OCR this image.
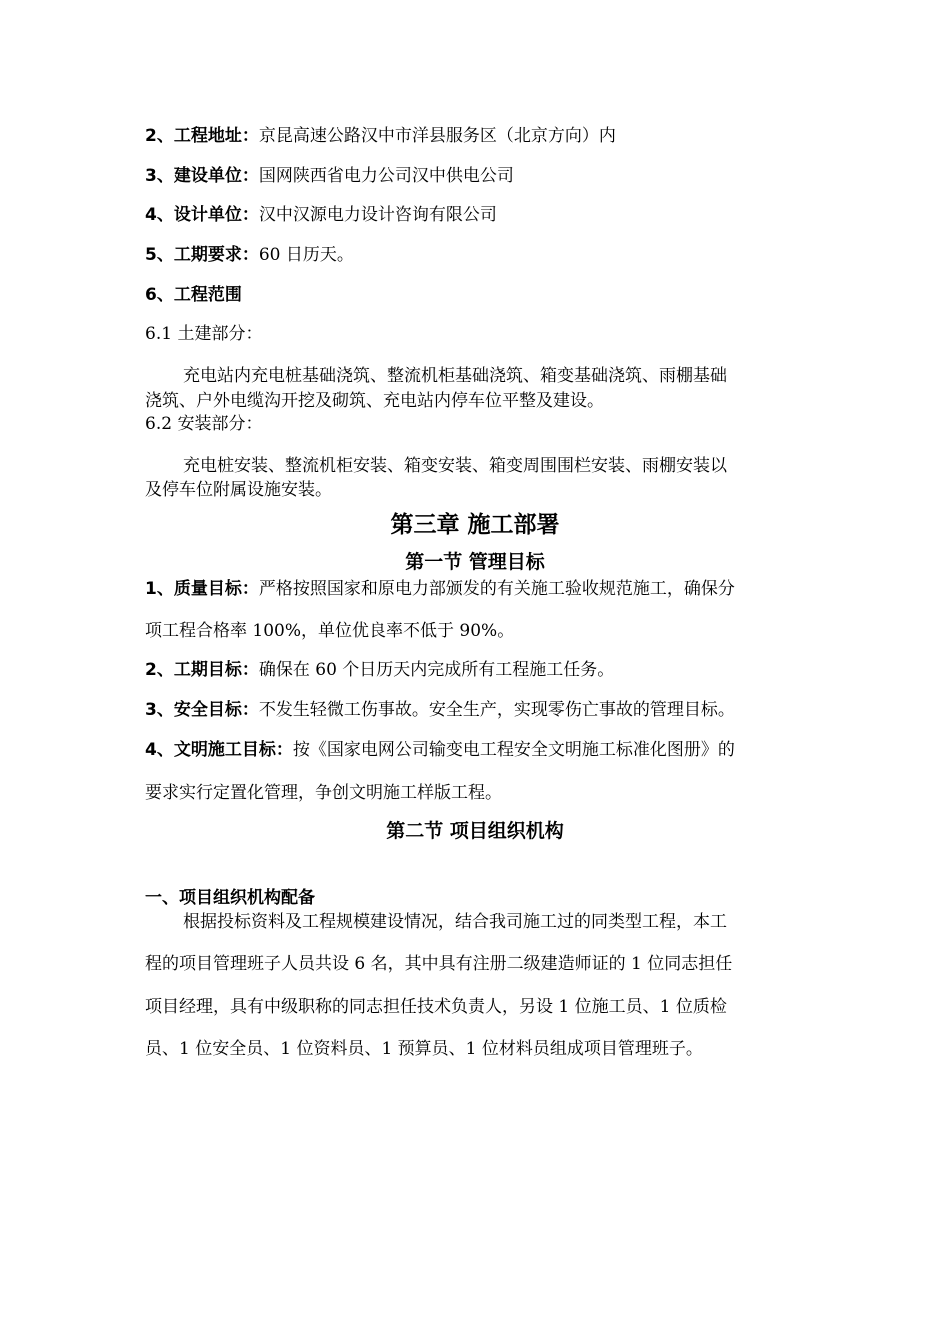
2、工程地址：京昆高速公路汉中市洋县服务区（北京方向）内
3、建设单位：国网陕西省电力公司汉中供电公司
4、设计单位：汉中汉源电力设计咨询有限公司
5、工期要求：60 日历天。
6、工程范围
6.1 土建部分：
充电站内充电桩基础浇筑、整流机柜基础浇筑、箱变基础浇筑、雨棚基础
浇筑、户外电缆沟开挖及砌筑、充电站内停车位平整及建设。
6.2 安装部分：
充电桩安装、整流机柜安装、箱变安装、箱变周围围栏安装、雨棚安装以
及停车位附属设施安装。
第三章 施工部署
第一节 管理目标
1、质量目标：严格按照国家和原电力部颁发的有关施工验收规范施工，确保分
项工程合格率 100%，单位优良率不低于 90%。
2、工期目标：确保在 60 个日历天内完成所有工程施工任务。
3、安全目标：不发生轻微工伤事故。安全生产，实现零伤亡事故的管理目标。
4、文明施工目标：按《国家电网公司输变电工程安全文明施工标准化图册》的
要求实行定置化管理，争创文明施工样版工程。
第二节 项目组织机构
一、项目组织机构配备
根据投标资料及工程规模建设情况，结合我司施工过的同类型工程，本工
程的项目管理班子人员共设 6 名，其中具有注册二级建造师证的 1 位同志担任
项目经理，具有中级职称的同志担任技术负责人，另设 1 位施工员、1 位质检
员、1 位安全员、1 位资料员、1 预算员、1 位材料员组成项目管理班子。
